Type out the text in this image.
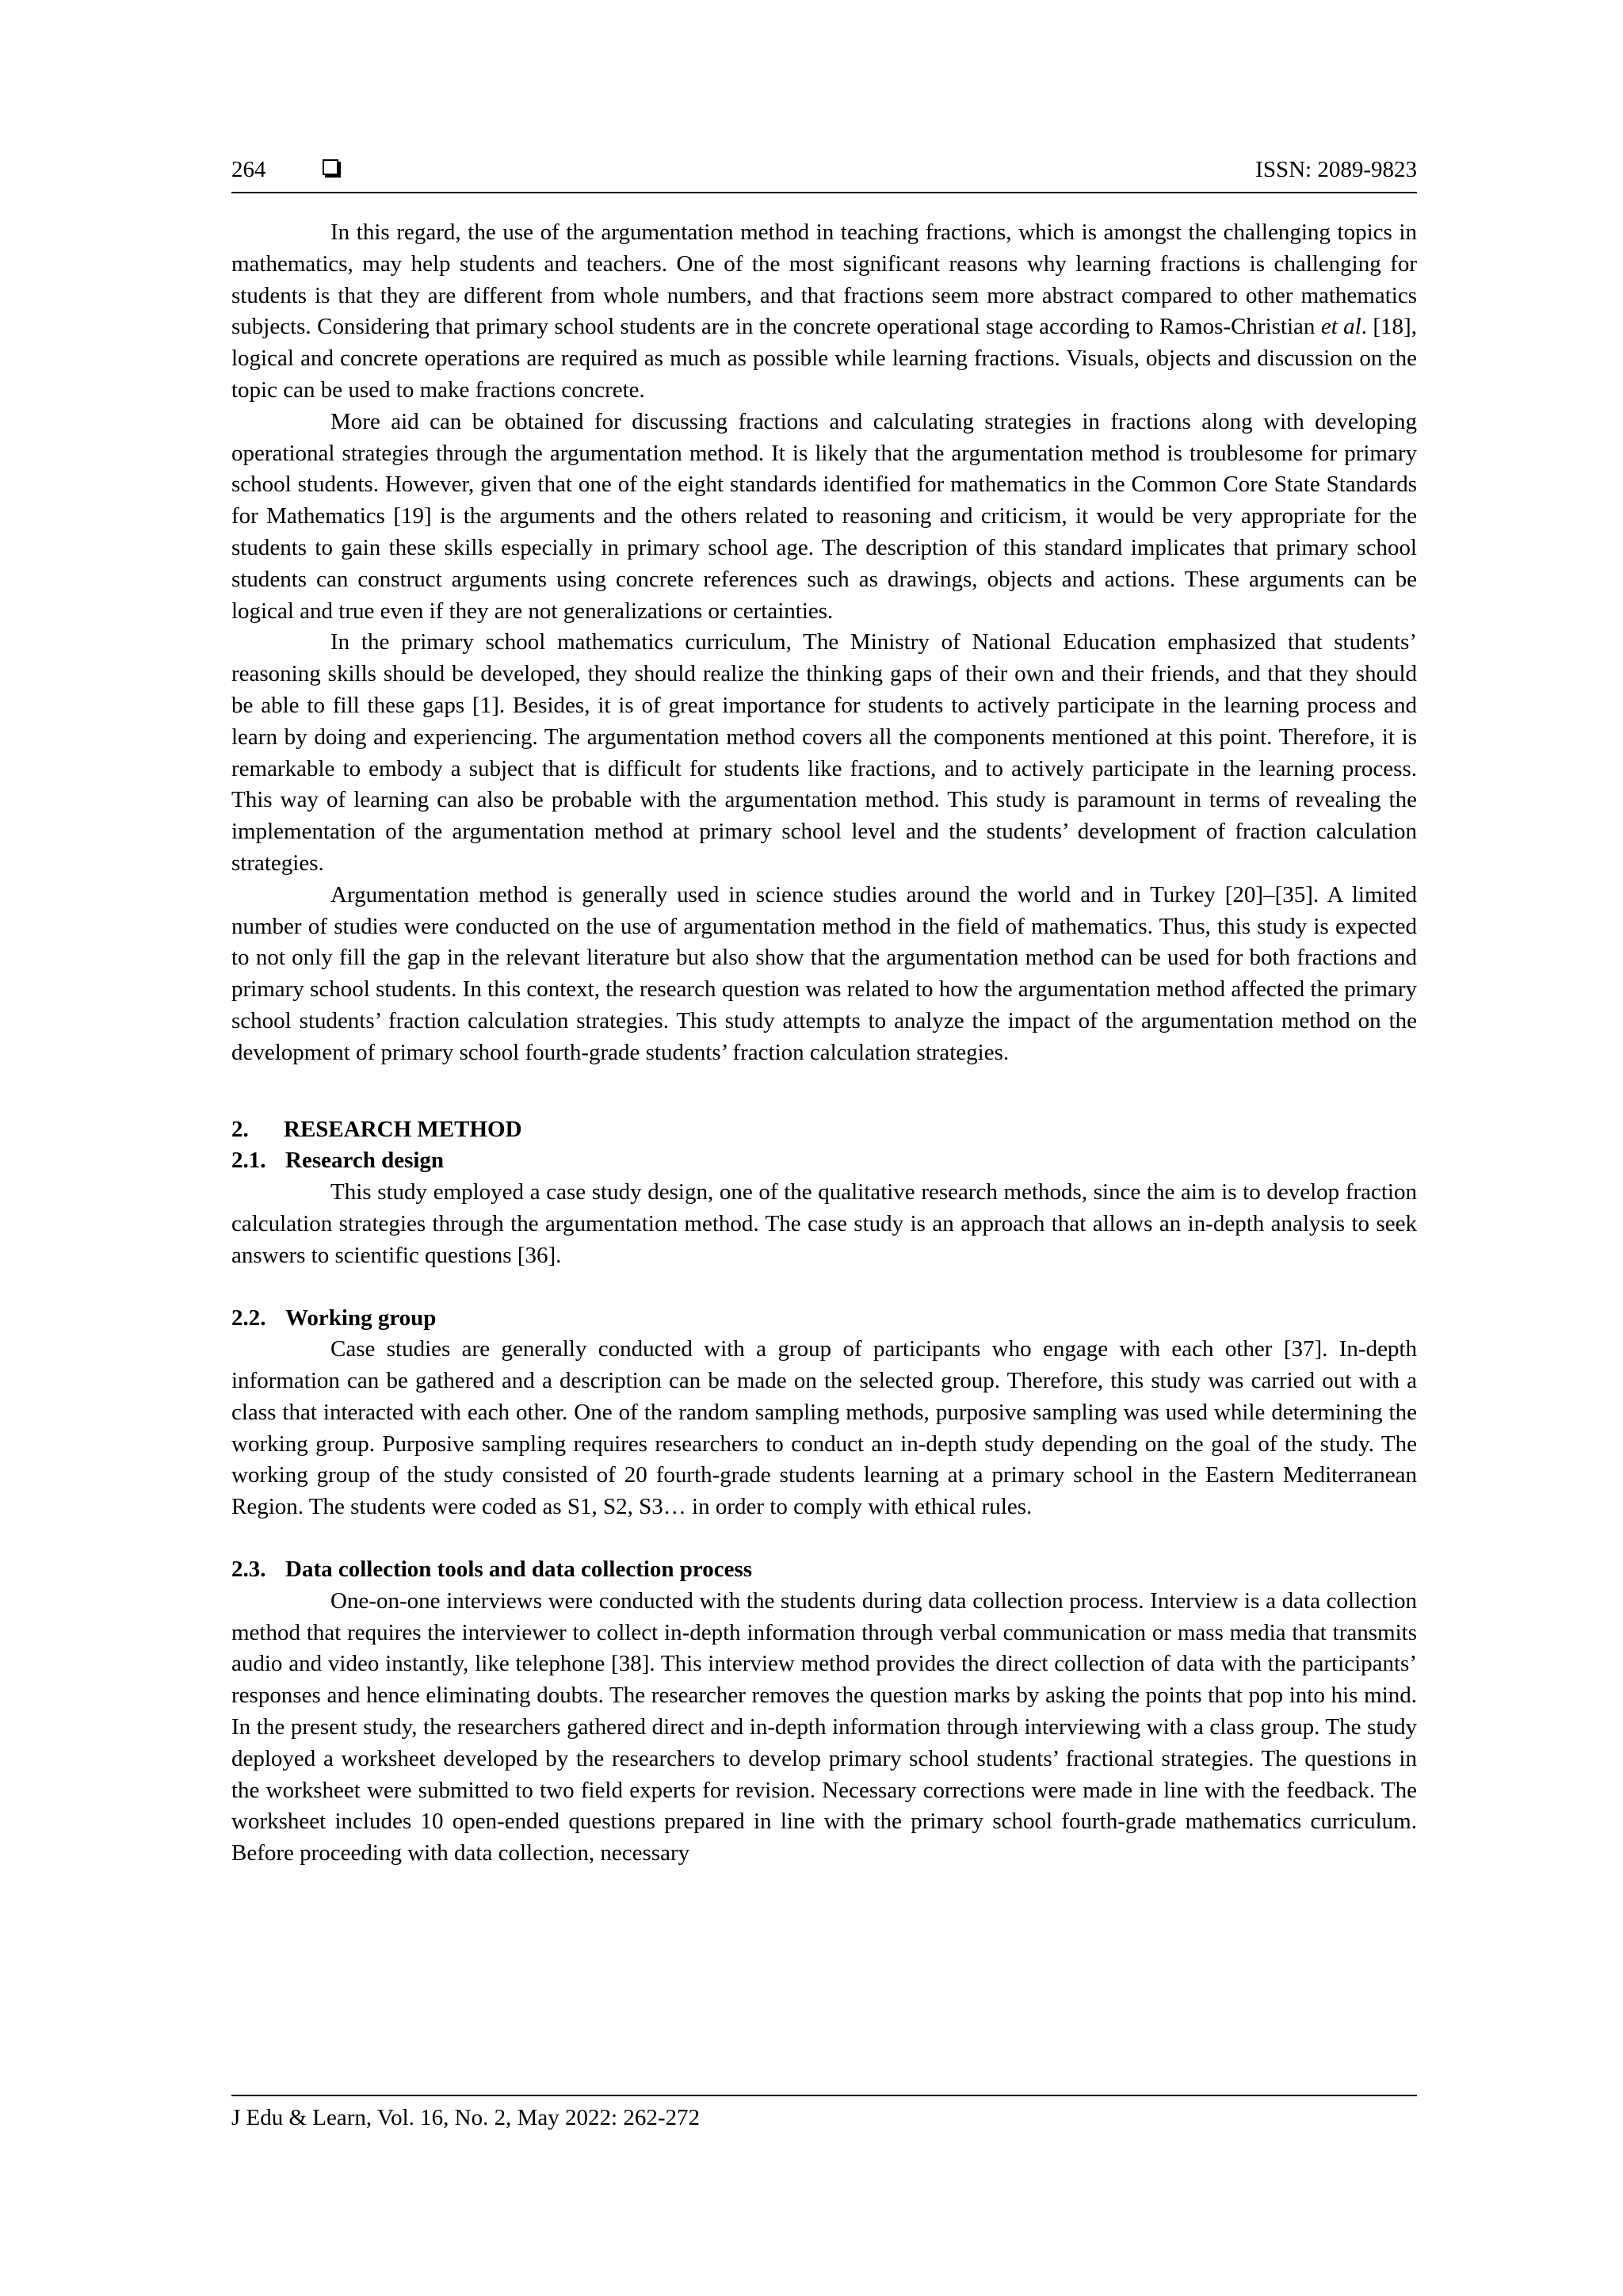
264	ISSN: 2089-9823

In this regard, the use of the argumentation method in teaching fractions, which is amongst the challenging topics in mathematics, may help students and teachers. One of the most significant reasons why learning fractions is challenging for students is that they are different from whole numbers, and that fractions seem more abstract compared to other mathematics subjects. Considering that primary school students are in the concrete operational stage according to Ramos-Christian et al. [18], logical and concrete operations are required as much as possible while learning fractions. Visuals, objects and discussion on the topic can be used to make fractions concrete.

More aid can be obtained for discussing fractions and calculating strategies in fractions along with developing operational strategies through the argumentation method. It is likely that the argumentation method is troublesome for primary school students. However, given that one of the eight standards identified for mathematics in the Common Core State Standards for Mathematics [19] is the arguments and the others related to reasoning and criticism, it would be very appropriate for the students to gain these skills especially in primary school age. The description of this standard implicates that primary school students can construct arguments using concrete references such as drawings, objects and actions. These arguments can be logical and true even if they are not generalizations or certainties.

In the primary school mathematics curriculum, The Ministry of National Education emphasized that students’ reasoning skills should be developed, they should realize the thinking gaps of their own and their friends, and that they should be able to fill these gaps [1]. Besides, it is of great importance for students to actively participate in the learning process and learn by doing and experiencing. The argumentation method covers all the components mentioned at this point. Therefore, it is remarkable to embody a subject that is difficult for students like fractions, and to actively participate in the learning process. This way of learning can also be probable with the argumentation method. This study is paramount in terms of revealing the implementation of the argumentation method at primary school level and the students’ development of fraction calculation strategies.

Argumentation method is generally used in science studies around the world and in Turkey [20]–[35]. A limited number of studies were conducted on the use of argumentation method in the field of mathematics. Thus, this study is expected to not only fill the gap in the relevant literature but also show that the argumentation method can be used for both fractions and primary school students. In this context, the research question was related to how the argumentation method affected the primary school students’ fraction calculation strategies. This study attempts to analyze the impact of the argumentation method on the development of primary school fourth-grade students’ fraction calculation strategies.

2. RESEARCH METHOD
2.1. Research design

This study employed a case study design, one of the qualitative research methods, since the aim is to develop fraction calculation strategies through the argumentation method. The case study is an approach that allows an in-depth analysis to seek answers to scientific questions [36].

2.2. Working group

Case studies are generally conducted with a group of participants who engage with each other [37]. In-depth information can be gathered and a description can be made on the selected group. Therefore, this study was carried out with a class that interacted with each other. One of the random sampling methods, purposive sampling was used while determining the working group. Purposive sampling requires researchers to conduct an in-depth study depending on the goal of the study. The working group of the study consisted of 20 fourth-grade students learning at a primary school in the Eastern Mediterranean Region. The students were coded as S1, S2, S3… in order to comply with ethical rules.

2.3. Data collection tools and data collection process

One-on-one interviews were conducted with the students during data collection process. Interview is a data collection method that requires the interviewer to collect in-depth information through verbal communication or mass media that transmits audio and video instantly, like telephone [38]. This interview method provides the direct collection of data with the participants’ responses and hence eliminating doubts. The researcher removes the question marks by asking the points that pop into his mind. In the present study, the researchers gathered direct and in-depth information through interviewing with a class group. The study deployed a worksheet developed by the researchers to develop primary school students’ fractional strategies. The questions in the worksheet were submitted to two field experts for revision. Necessary corrections were made in line with the feedback. The worksheet includes 10 open-ended questions prepared in line with the primary school fourth-grade mathematics curriculum. Before proceeding with data collection, necessary

J Edu & Learn, Vol. 16, No. 2, May 2022: 262-272
